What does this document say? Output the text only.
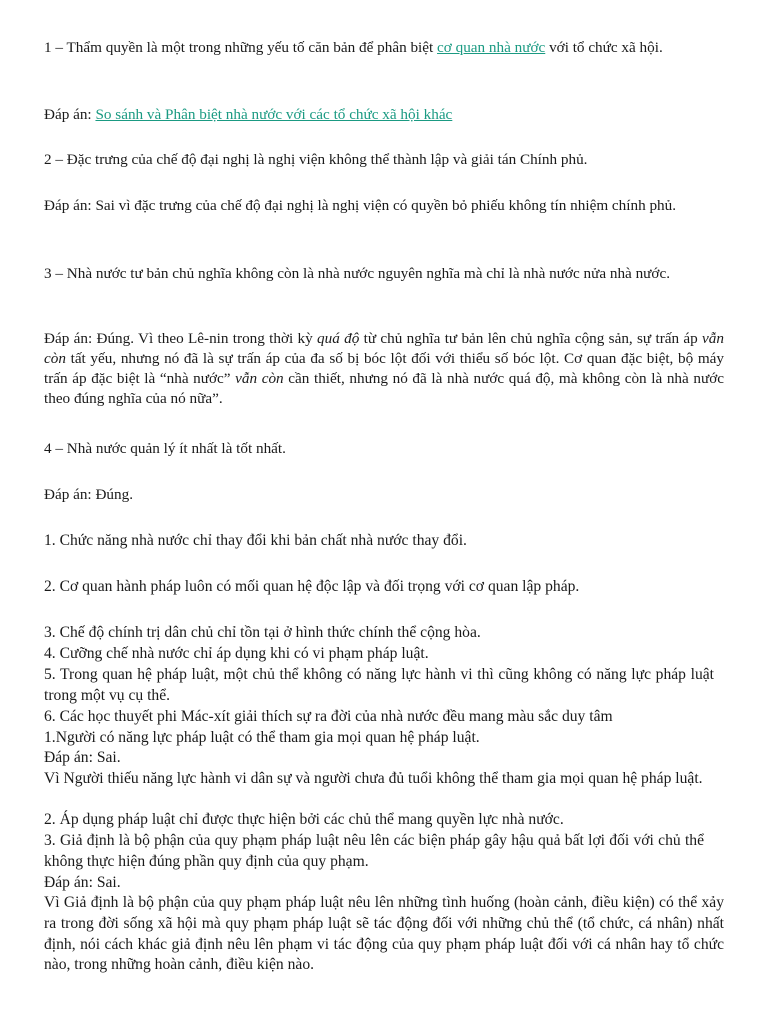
1 – Thẩm quyền là một trong những yếu tố căn bản để phân biệt cơ quan nhà nước với tổ chức xã hội.
Đáp án: So sánh và Phân biệt nhà nước với các tổ chức xã hội khác
2 – Đặc trưng của chế độ đại nghị là nghị viện không thể thành lập và giải tán Chính phủ.
Đáp án: Sai vì đặc trưng của chế độ đại nghị là nghị viện có quyền bỏ phiếu không tín nhiệm chính phủ.
3 – Nhà nước tư bản chủ nghĩa không còn là nhà nước nguyên nghĩa mà chỉ là nhà nước nửa nhà nước.
Đáp án: Đúng. Vì theo Lê-nin trong thời kỳ quá độ từ chủ nghĩa tư bản lên chủ nghĩa cộng sản, sự trấn áp vẫn còn tất yếu, nhưng nó đã là sự trấn áp của đa số bị bóc lột đối với thiểu số bóc lột. Cơ quan đặc biệt, bộ máy trấn áp đặc biệt là “nhà nước” vẫn còn cần thiết, nhưng nó đã là nhà nước quá độ, mà không còn là nhà nước theo đúng nghĩa của nó nữa”.
4 – Nhà nước quản lý ít nhất là tốt nhất.
Đáp án: Đúng.
1. Chức năng nhà nước chỉ thay đổi khi bản chất nhà nước thay đổi.
2. Cơ quan hành pháp luôn có mối quan hệ độc lập và đối trọng với cơ quan lập pháp.
3. Chế độ chính trị dân chủ chỉ tồn tại ở hình thức chính thể cộng hòa.
4. Cưỡng chế nhà nước chỉ áp dụng khi có vi phạm pháp luật.
5. Trong quan hệ pháp luật, một chủ thể không có năng lực hành vi thì cũng không có năng lực pháp luật trong một vụ cụ thể.
6. Các học thuyết phi Mác-xít giải thích sự ra đời của nhà nước đều mang màu sắc duy tâm
1.Người có năng lực pháp luật có thể tham gia mọi quan hệ pháp luật.
Đáp án: Sai.
Vì Người thiếu năng lực hành vi dân sự và người chưa đủ tuổi không thể tham gia mọi quan hệ pháp luật.
2. Áp dụng pháp luật chỉ được thực hiện bởi các chủ thể mang quyền lực nhà nước.
3. Giả định là bộ phận của quy phạm pháp luật nêu lên các biện pháp gây hậu quả bất lợi đối với chủ thể không thực hiện đúng phần quy định của quy phạm.
Đáp án: Sai.
Vì Giả định là bộ phận của quy phạm pháp luật nêu lên những tình huống (hoàn cảnh, điều kiện) có thể xảy ra trong đời sống xã hội mà quy phạm pháp luật sẽ tác động đối với những chủ thể (tổ chức, cá nhân) nhất định, nói cách khác giả định nêu lên phạm vi tác động của quy phạm pháp luật đối với cá nhân hay tổ chức nào, trong những hoàn cảnh, điều kiện nào.
